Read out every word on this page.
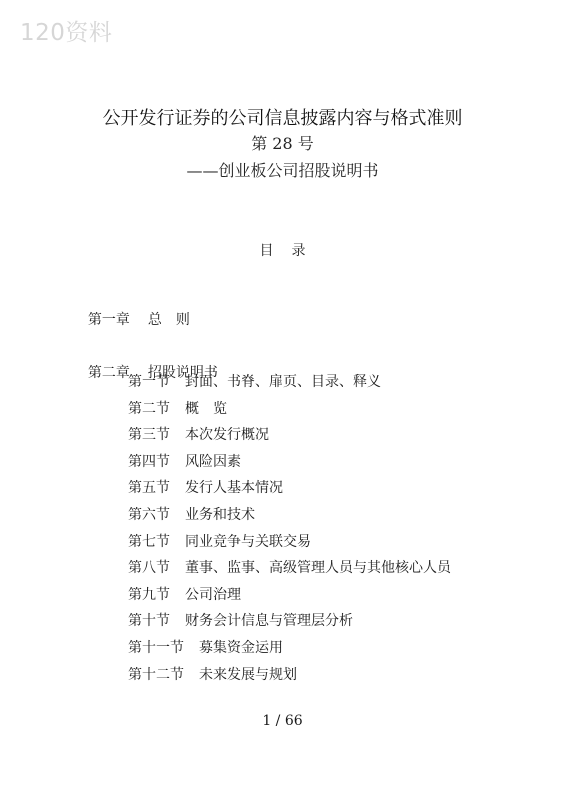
120资料
公开发行证券的公司信息披露内容与格式准则
第 28 号
——创业板公司招股说明书
目录

第一章 总　则

第二章 招股说明书

第一节 封面、书脊、扉页、目录、释义
第二节 概　览
第三节 本次发行概况
第四节 风险因素
第五节 发行人基本情况
第六节 业务和技术
第七节 同业竞争与关联交易
第八节 董事、监事、高级管理人员与其他核心人员
第九节 公司治理
第十节 财务会计信息与管理层分析
第十一节 募集资金运用
第十二节 未来发展与规划
1 / 66
